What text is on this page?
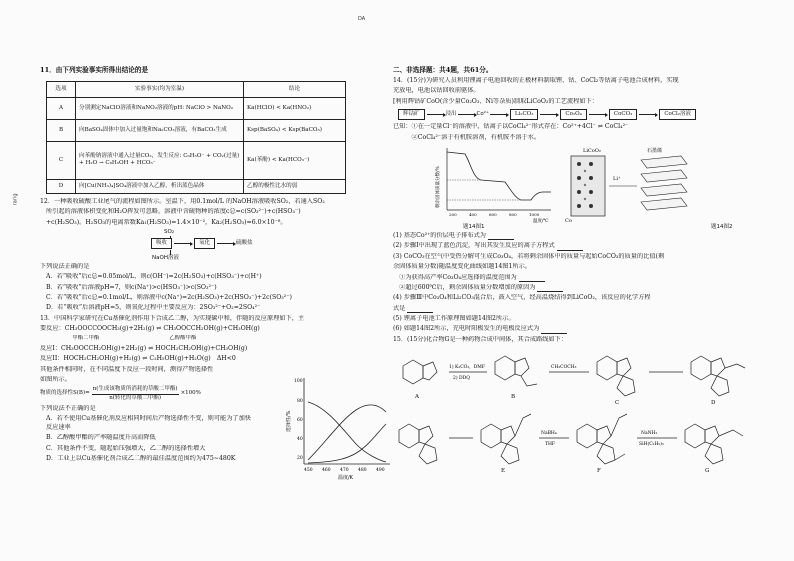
11．由下列实验事实所得出结论的是
选项	实验事实(均为室温)	结论
A	分别测定NaClO溶液和NaNO₂溶液的pH: NaClO > NaNO₂	Ka(HClO) < Ka(HNO₂)
B	向BaSO₄固体中加入过量饱和Na₂CO₃溶液，有BaCO₃生成	Ksp(BaSO₄) < Ksp(BaCO₃)
C	向苯酚钠溶液中通入过量CO₂，发生反应: C₆H₅O⁻ + CO₂(过量) + H₂O → C₆H₅OH + HCO₃⁻	Ka(苯酚) < Ka(HCO₃⁻)
D	向[Cu(NH₃)₄]SO₄溶液中加入乙醇，析出蓝色晶体	乙醇的极性比水的弱
12．一种吸收硫酸工业尾气的流程如图所示。室温下，用0.1mol/L 的NaOH溶液吸收SO₂，若通入SO₂
所引起的溶液体积变化和H₂O挥发可忽略，溶液中含硫物种的浓度c总=c(SO₃²⁻)+c(HSO₃⁻)
+c(H₂SO₃)。H₂SO₃的电离常数Ka₁(H₂SO₃)=1.4×10⁻²，Ka₂(H₂SO₃)=6.0×10⁻⁸。
SO₂
吸收	氧化	硫酸盐
NaOH溶液
下列说法正确的是
A．若“吸收”后c总=0.05mol/L，则c(OH⁻)=2c(H₂SO₃)+c(HSO₃⁻)+c(H⁺)
B．若“吸收”后溶液pH=7，则c(Na⁺)>c(HSO₃⁻)>c(SO₃²⁻)
C．若“吸收”后c总=0.1mol/L，则溶液中c(Na⁺)=2c(H₂SO₃)+2c(HSO₃⁻)+2c(SO₃²⁻)
D．若“吸收”后溶液pH=5，则氧化过程中主要反应为：2SO₃²⁻+O₂=2SO₄²⁻
13．中国科学家研究在Cu基催化剂作用下合成乙二醇，为实现碳中和，伴随的反应原理如下，主
要反应：CH₃OOCCOOCH₃(g)+2H₂(g) ⇌ CH₃OOCCH₂OH(g)+CH₃OH(g)
　　　　　　甲酯二甲酯　　　　　　　　　　　　　乙醇酸甲酯
反应I：CH₃OOCCH₂OH(g)+2H₂(g) ⇌ HOCH₂CH₂OH(g)+CH₃OH(g)
反应II：HOCH₂CH₂OH(g)+H₂(g) ⇌ C₂H₅OH(g)+H₂O(g)　ΔH<0
其他条件相同时，在不同温度下反应一段时间，测得产物选择性
如图所示。
物质的选择性S(B)=
n(生成该物质所消耗的草酸二甲酯)
n(转化的草酸二甲酯)
×100%
下列说法不正确的是
A．若不使用Cu基催化剂反应相同时间后产物选择性不变，则可能为了加快反应速率
B．乙醇酸甲酯的产率随温度升高而降低
C．其他条件不变，随起始压强增大，乙二醇的选择性增大
D．工业上以Cu基催化剂合成乙二醇的最佳温度范围约为475~480K
选择性/%
100
80
60
40
20
450 460 470 480 490
温度/K
DA
rarig
二、非选择题：共4题，共61分。
14．(15分)为研究人员利用锂离子电池回收的正极材料制取锂、钴、CoCl₂等钴离子电池合成材料，实现
充放电，电池以钴回收前驱体。
[利用辉钴矿CoO(含少量Co₂O₃、Ni等杂质)制取LiCoO₂的工艺流程如下：
辉钴矿	浸出	Co²⁺	Li₂CO₃	Co₃O₄	CoCO₃	CoCl₂溶液
已知：①在一定量Cl⁻的溶液中，钴离子以CoCl₄²⁻形式存在：Co²⁺+4Cl⁻ ⇌ CoCl₄²⁻
　　　②CoCl₄²⁻溶于有机胺溶剂，有机胺不溶于水。
剩余固体质量分数/%
200	400	600	800	1000
温度/℃
题14图1
LiCoO₂	石墨烯
Li⁺
Co
题14图2
(1) 基态Co²⁺的价层电子排布式为
(2) 步骤Ⅰ中出现了蓝色沉淀，写出其发生反应的离子方程式
(3) CoCO₃在空气中受热分解可生成Co₃O₄，若将剩余固体中的质量与起始CoCO₃的质量的比值(剩
余固体质量分数)随温度变化曲线如题14图1所示。
　①为获得高产率Co₃O₄应选择的温度范围为
　②超过600℃后，剩余固体质量分数增加的原因为
(4) 步骤Ⅲ中Co₃O₄和Li₂CO₃混合后，鼓入空气，经高温烧结得到LiCoO₂，该反应的化学方程
式是
(5) 锂离子电池工作原理图如题14图2所示。
(6) 如题14图2所示，充电时阳极发生的电极反应式为
15．(15分)化合物G是一种药物合成中间体，其合成路线如下：
A
1) K₂CO₃，DMF
2) DDQ
B
CH₃COCH₃
C	D
E
NaBH₄
THF
F
NaNH₂
SiH(C₂H₅)₃
G
